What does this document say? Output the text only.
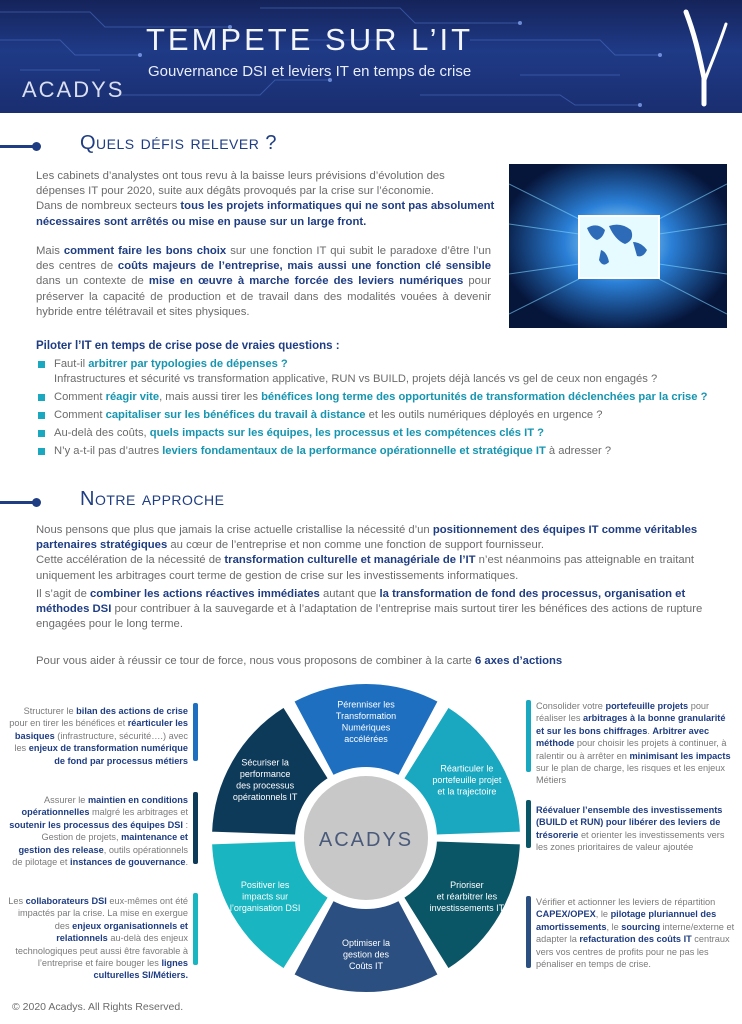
TEMPETE SUR L’IT
Gouvernance DSI et leviers IT en temps de crise
ACADYS
Quels défis relever ?
Les cabinets d’analystes ont tous revu à la baisse leurs prévisions d’évolution des dépenses IT pour 2020, suite aux dégâts provoqués par la crise sur l’économie.
Dans de nombreux secteurs tous les projets informatiques qui ne sont pas absolument nécessaires sont arrêtés ou mise en pause sur un large front.
Mais comment faire les bons choix sur une fonction IT qui subit le paradoxe d’être l’un des centres de coûts majeurs de l’entreprise, mais aussi une fonction clé sensible dans un contexte de mise en œuvre à marche forcée des leviers numériques pour préserver la capacité de production et de travail dans des modalités vouées à devenir hybride entre télétravail et sites physiques.
Piloter l’IT en temps de crise pose de vraies questions :
Faut-il arbitrer par typologies de dépenses ?
Infrastructures et sécurité vs transformation applicative, RUN vs BUILD, projets déjà lancés vs gel de ceux non engagés ?
Comment réagir vite, mais aussi tirer les bénéfices long terme des opportunités de transformation déclenchées par la crise ?
Comment capitaliser sur les bénéfices du travail à distance et les outils numériques déployés en urgence ?
Au-delà des coûts, quels impacts sur les équipes, les processus et les compétences clés IT ?
N’y a-t-il pas d’autres leviers fondamentaux de la performance opérationnelle et stratégique IT à adresser ?
Notre approche
Nous pensons que plus que jamais la crise actuelle cristallise la nécessité d’un positionnement des équipes IT comme véritables partenaires stratégiques au cœur de l’entreprise et non comme une fonction de support fournisseur.
Cette accélération de la nécessité de transformation culturelle et managériale de l’IT n’est néanmoins pas atteignable en traitant uniquement les arbitrages court terme de gestion de crise sur les investissements informatiques.
Il s’agit de combiner les actions réactives immédiates autant que la transformation de fond des processus, organisation et méthodes DSI pour contribuer à la sauvegarde et à l’adaptation de l’entreprise mais surtout tirer les bénéfices des actions de rupture engagées pour le long terme.
Pour vous aider à réussir ce tour de force, nous vous proposons de combiner à la carte 6 axes d’actions
Pérenniser les Transformation Numériques accélérées
Réarticuler le portefeuille projet et la trajectoire
Prioriser et réarbitrer les investissements IT
Optimiser la gestion des Coûts IT
Positiver les impacts sur l’organisation DSI
Sécuriser la performance des processus opérationnels IT
ACADYS
Structurer le bilan des actions de crise pour en tirer les bénéfices et réarticuler les basiques (infrastructure, sécurité….) avec les enjeux de transformation numérique de fond par processus métiers
Assurer le maintien en conditions opérationnelles malgré les arbitrages et soutenir les processus des équipes DSI : Gestion de projets, maintenance et gestion des release, outils opérationnels de pilotage et instances de gouvernance.
Les collaborateurs DSI eux-mêmes ont été impactés par la crise. La mise en exergue des enjeux organisationnels et relationnels au-delà des enjeux technologiques peut aussi être favorable à l’entreprise et faire bouger les lignes culturelles SI/Métiers.
Consolider votre portefeuille projets pour réaliser les arbitrages à la bonne granularité et sur les bons chiffrages. Arbitrer avec méthode pour choisir les projets à continuer, à ralentir ou à arrêter en minimisant les impacts sur le plan de charge, les risques et les enjeux Métiers
Réévaluer l’ensemble des investissements (BUILD et RUN) pour libérer des leviers de trésorerie et orienter les investissements vers les zones prioritaires de valeur ajoutée
Vérifier et actionner les leviers de répartition CAPEX/OPEX, le pilotage pluriannuel des amortissements, le sourcing interne/externe et adapter la refacturation des coûts IT centraux vers vos centres de profits pour ne pas les pénaliser en temps de crise.
© 2020 Acadys. All Rights Reserved.
